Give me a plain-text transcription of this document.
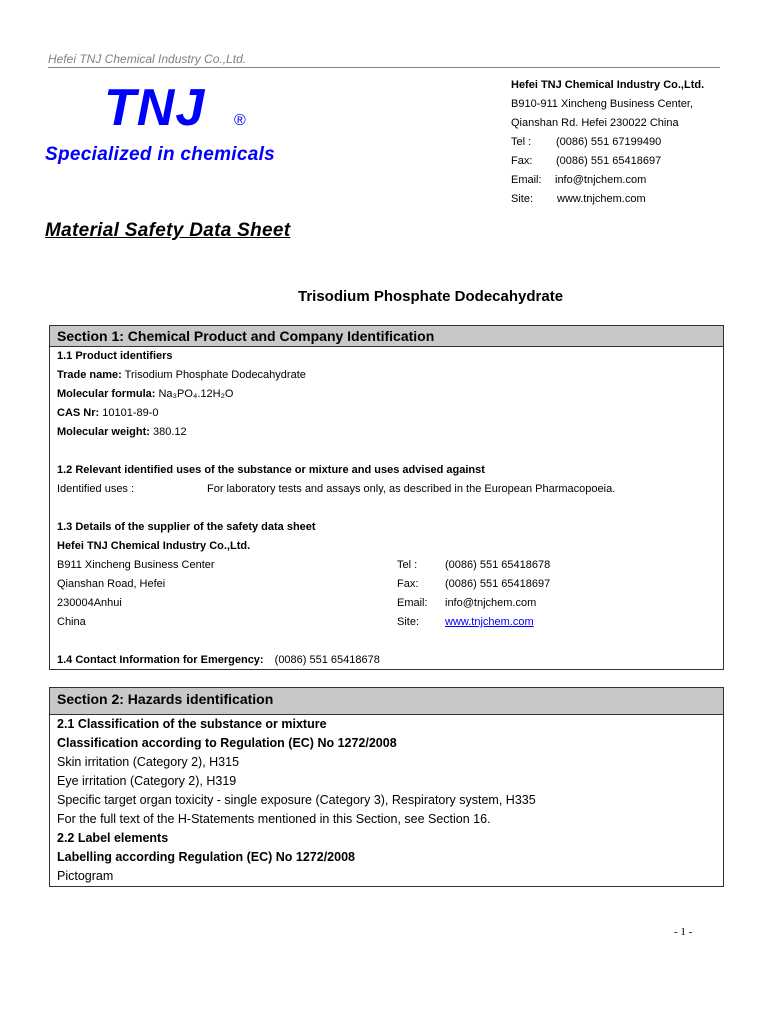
Hefei TNJ Chemical Industry Co.,Ltd.
TNJ ®
Specialized in chemicals
Hefei TNJ Chemical Industry Co.,Ltd.
B910-911 Xincheng Business Center,
Qianshan Rd. Hefei 230022 China
Tel :	(0086) 551 67199490
Fax:	(0086) 551 65418697
Email:	info@tnjchem.com
Site:	www.tnjchem.com
Material Safety Data Sheet
Trisodium Phosphate Dodecahydrate
Section 1: Chemical Product and Company Identification
1.1 Product identifiers
Trade name: Trisodium Phosphate Dodecahydrate
Molecular formula: Na₃PO₄.12H₂O
CAS Nr: 10101-89-0
Molecular weight: 380.12
1.2 Relevant identified uses of the substance or mixture and uses advised against
Identified uses :	For laboratory tests and assays only, as described in the European Pharmacopoeia.
1.3 Details of the supplier of the safety data sheet
Hefei TNJ Chemical Industry Co.,Ltd.
B911 Xincheng Business Center	Tel :	(0086) 551 65418678
Qianshan Road, Hefei	Fax:	(0086) 551 65418697
230004Anhui	Email:	info@tnjchem.com
China	Site:	www.tnjchem.com
1.4 Contact Information for Emergency: (0086) 551 65418678
Section 2: Hazards identification
2.1 Classification of the substance or mixture
Classification according to Regulation (EC) No 1272/2008
Skin irritation (Category 2), H315
Eye irritation (Category 2), H319
Specific target organ toxicity - single exposure (Category 3), Respiratory system, H335
For the full text of the H-Statements mentioned in this Section, see Section 16.
2.2 Label elements
Labelling according Regulation (EC) No 1272/2008
Pictogram
- 1 -
